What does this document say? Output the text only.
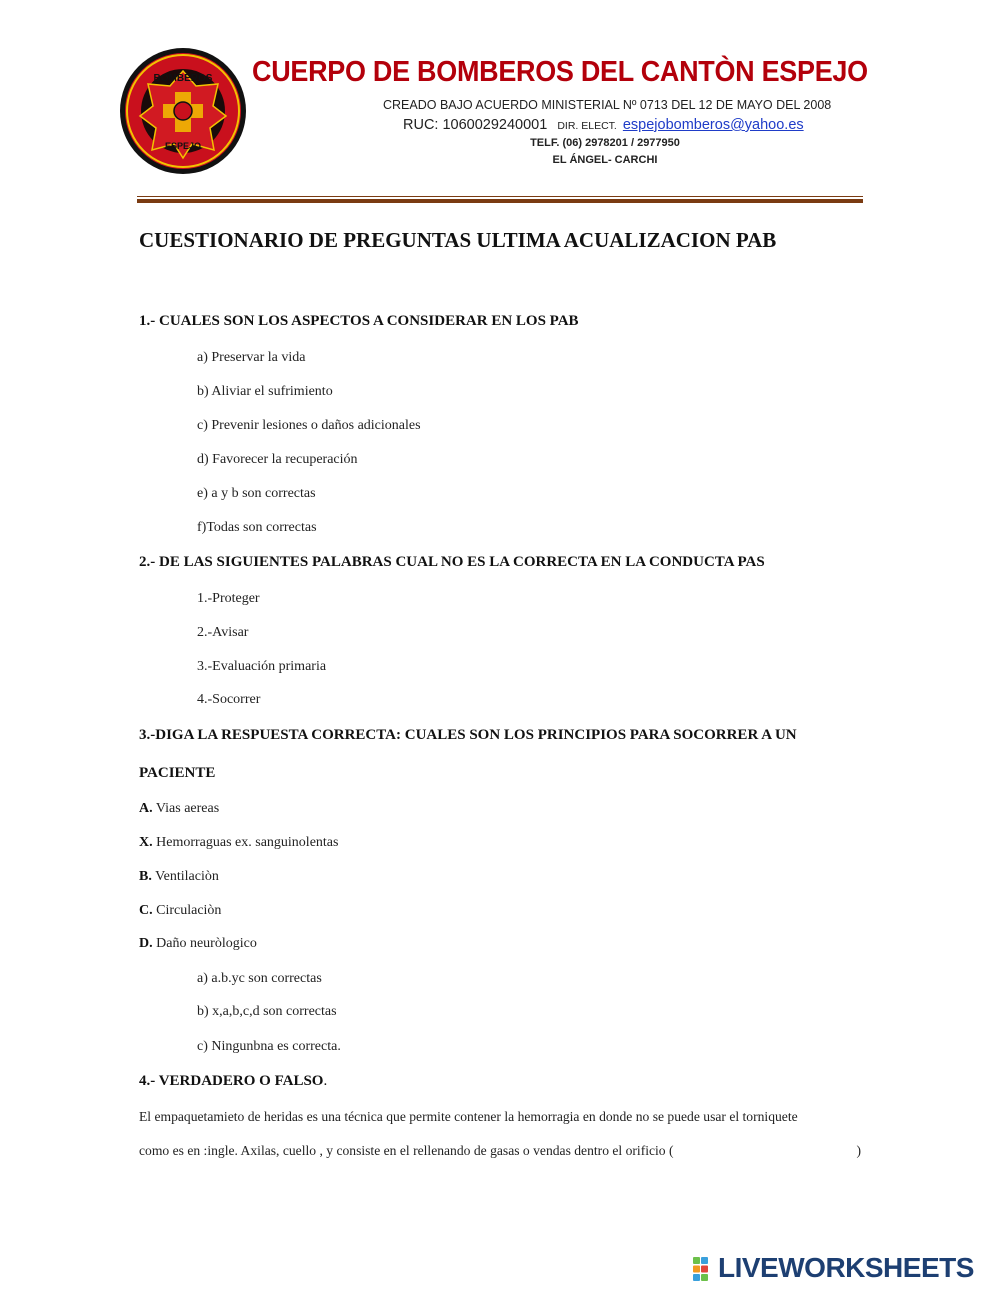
BOMBEROS
ESPEJO
CUERPO DE BOMBEROS DEL CANTÒN ESPEJO
CREADO BAJO ACUERDO MINISTERIAL Nº 0713 DEL 12 DE MAYO DEL 2008
RUC: 1060029240001 DIR. ELECT. espejobomberos@yahoo.es
TELF. (06) 2978201 / 2977950
EL ÁNGEL- CARCHI
CUESTIONARIO DE PREGUNTAS ULTIMA ACUALIZACION PAB
1.- CUALES SON LOS ASPECTOS A CONSIDERAR EN LOS PAB
a) Preservar la vida
b) Aliviar el sufrimiento
c) Prevenir lesiones o daños adicionales
d) Favorecer la recuperación
e) a y b son correctas
f)Todas son correctas
2.- DE LAS SIGUIENTES PALABRAS CUAL NO ES LA CORRECTA EN LA CONDUCTA PAS
1.-Proteger
2.-Avisar
3.-Evaluación primaria
4.-Socorrer
3.-DIGA LA RESPUESTA CORRECTA: CUALES SON LOS PRINCIPIOS PARA SOCORRER A UN
PACIENTE
A. Vias aereas
X. Hemorraguas ex. sanguinolentas
B. Ventilaciòn
C. Circulaciòn
D. Daño neuròlogico
a) a.b.yc son correctas
b) x,a,b,c,d son correctas
c) Ningunbna es correcta.
4.- VERDADERO O FALSO.
El empaquetamieto de heridas es una técnica que permite contener la hemorragia en donde no se puede usar el torniquete
como es en :ingle. Axilas, cuello , y consiste en el rellenando de gasas o vendas dentro el orificio (	)
LIVEWORKSHEETS
